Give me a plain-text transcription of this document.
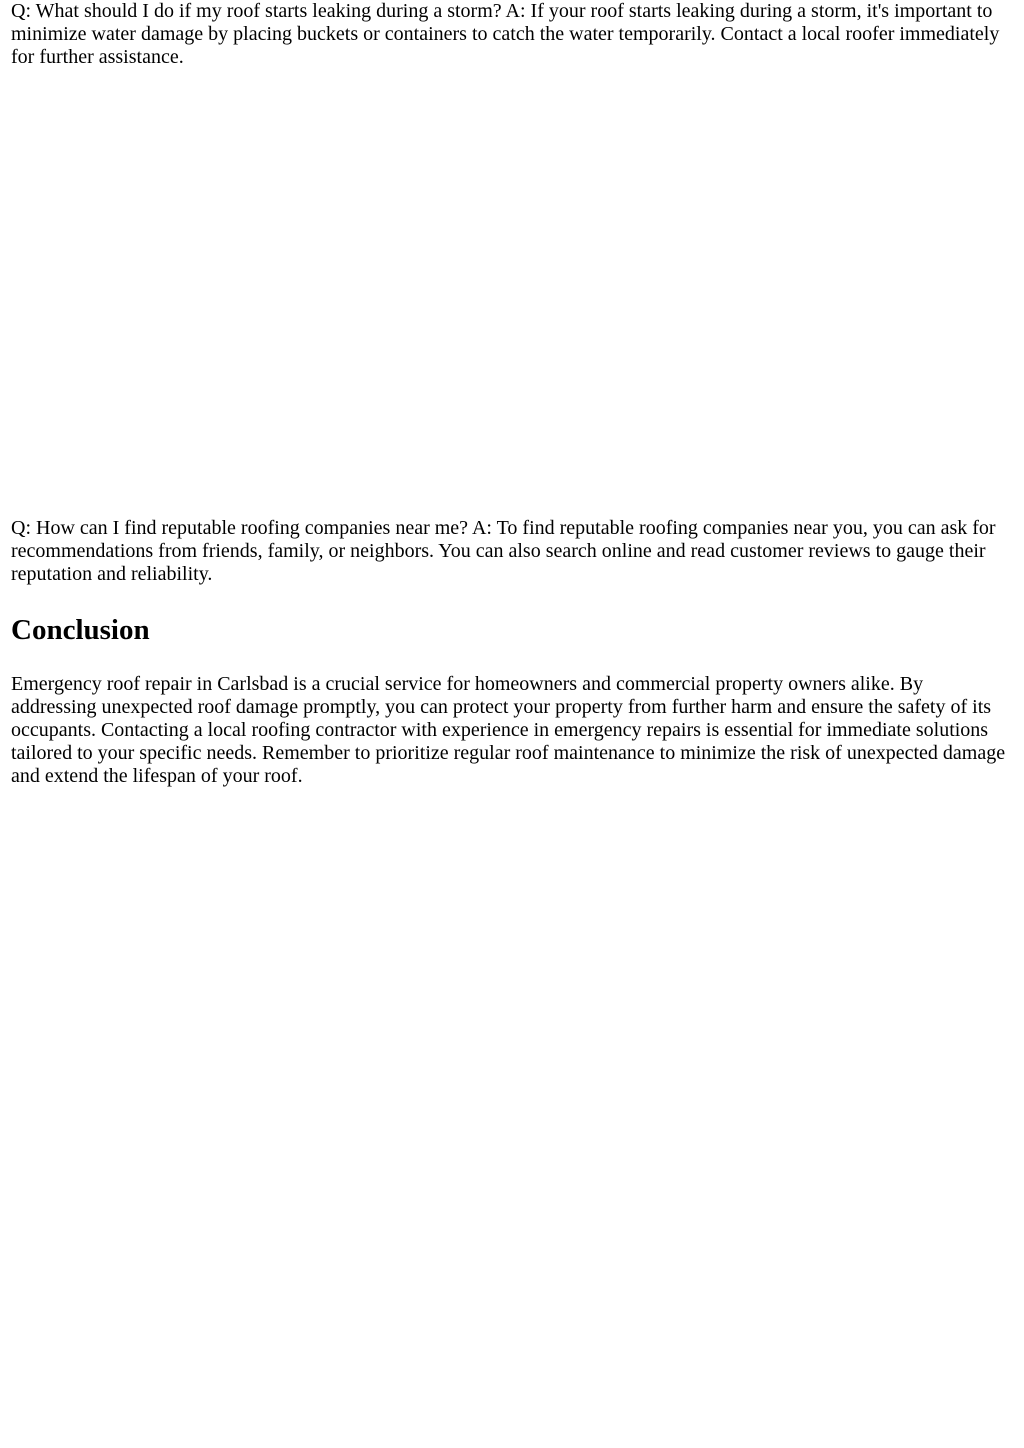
Q: What should I do if my roof starts leaking during a storm? A: If your roof starts leaking during a storm, it's important to minimize water damage by placing buckets or containers to catch the water temporarily. Contact a local roofer immediately for further assistance.

Q: How can I find reputable roofing companies near me? A: To find reputable roofing companies near you, you can ask for recommendations from friends, family, or neighbors. You can also search online and read customer reviews to gauge their reputation and reliability.

Conclusion

Emergency roof repair in Carlsbad is a crucial service for homeowners and commercial property owners alike. By addressing unexpected roof damage promptly, you can protect your property from further harm and ensure the safety of its occupants. Contacting a local roofing contractor with experience in emergency repairs is essential for immediate solutions tailored to your specific needs. Remember to prioritize regular roof maintenance to minimize the risk of unexpected damage and extend the lifespan of your roof.
